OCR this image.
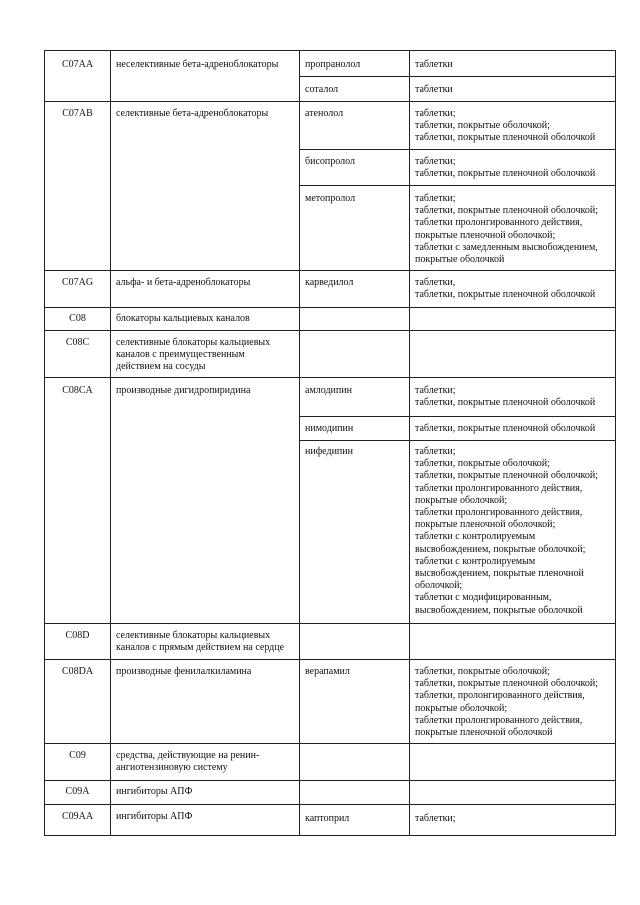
C07AA	неселективные бета-адреноблокаторы	пропранолол	таблетки
соталол	таблетки
C07AB	селективные бета-адреноблокаторы	атенолол	таблетки;
таблетки, покрытые оболочкой;
таблетки, покрытые пленочной оболочкой
бисопролол	таблетки;
таблетки, покрытые пленочной оболочкой
метопролол	таблетки;
таблетки, покрытые пленочной оболочкой;
таблетки пролонгированного действия,
покрытые пленочной оболочкой;
таблетки с замедленным высвобождением,
покрытые оболочкой
C07AG	альфа- и бета-адреноблокаторы	карведилол	таблетки,
таблетки, покрытые пленочной оболочкой
C08	блокаторы кальциевых каналов
C08C	селективные блокаторы кальциевых
каналов с преимущественным
действием на сосуды
C08CA	производные дигидропиридина	амлодипин	таблетки;
таблетки, покрытые пленочной оболочкой
нимодипин	таблетки, покрытые пленочной оболочкой
нифедипин	таблетки;
таблетки, покрытые оболочкой;
таблетки, покрытые пленочной оболочкой;
таблетки пролонгированного действия,
покрытые оболочкой;
таблетки пролонгированного действия,
покрытые пленочной оболочкой;
таблетки с контролируемым
высвобождением, покрытые оболочкой;
таблетки с контролируемым
высвобождением, покрытые пленочной
оболочкой;
таблетки с модифицированным,
высвобождением, покрытые оболочкой
C08D	селективные блокаторы кальциевых
каналов с прямым действием на сердце
C08DA	производные фенилалкиламина	верапамил	таблетки, покрытые оболочкой;
таблетки, покрытые пленочной оболочкой;
таблетки, пролонгированного действия,
покрытые оболочкой;
таблетки пролонгированного действия,
покрытые пленочной оболочкой
C09	средства, действующие на ренин-
ангиотензиновую систему
C09A	ингибиторы АПФ
C09AA	ингибиторы АПФ	каптоприл	таблетки;
